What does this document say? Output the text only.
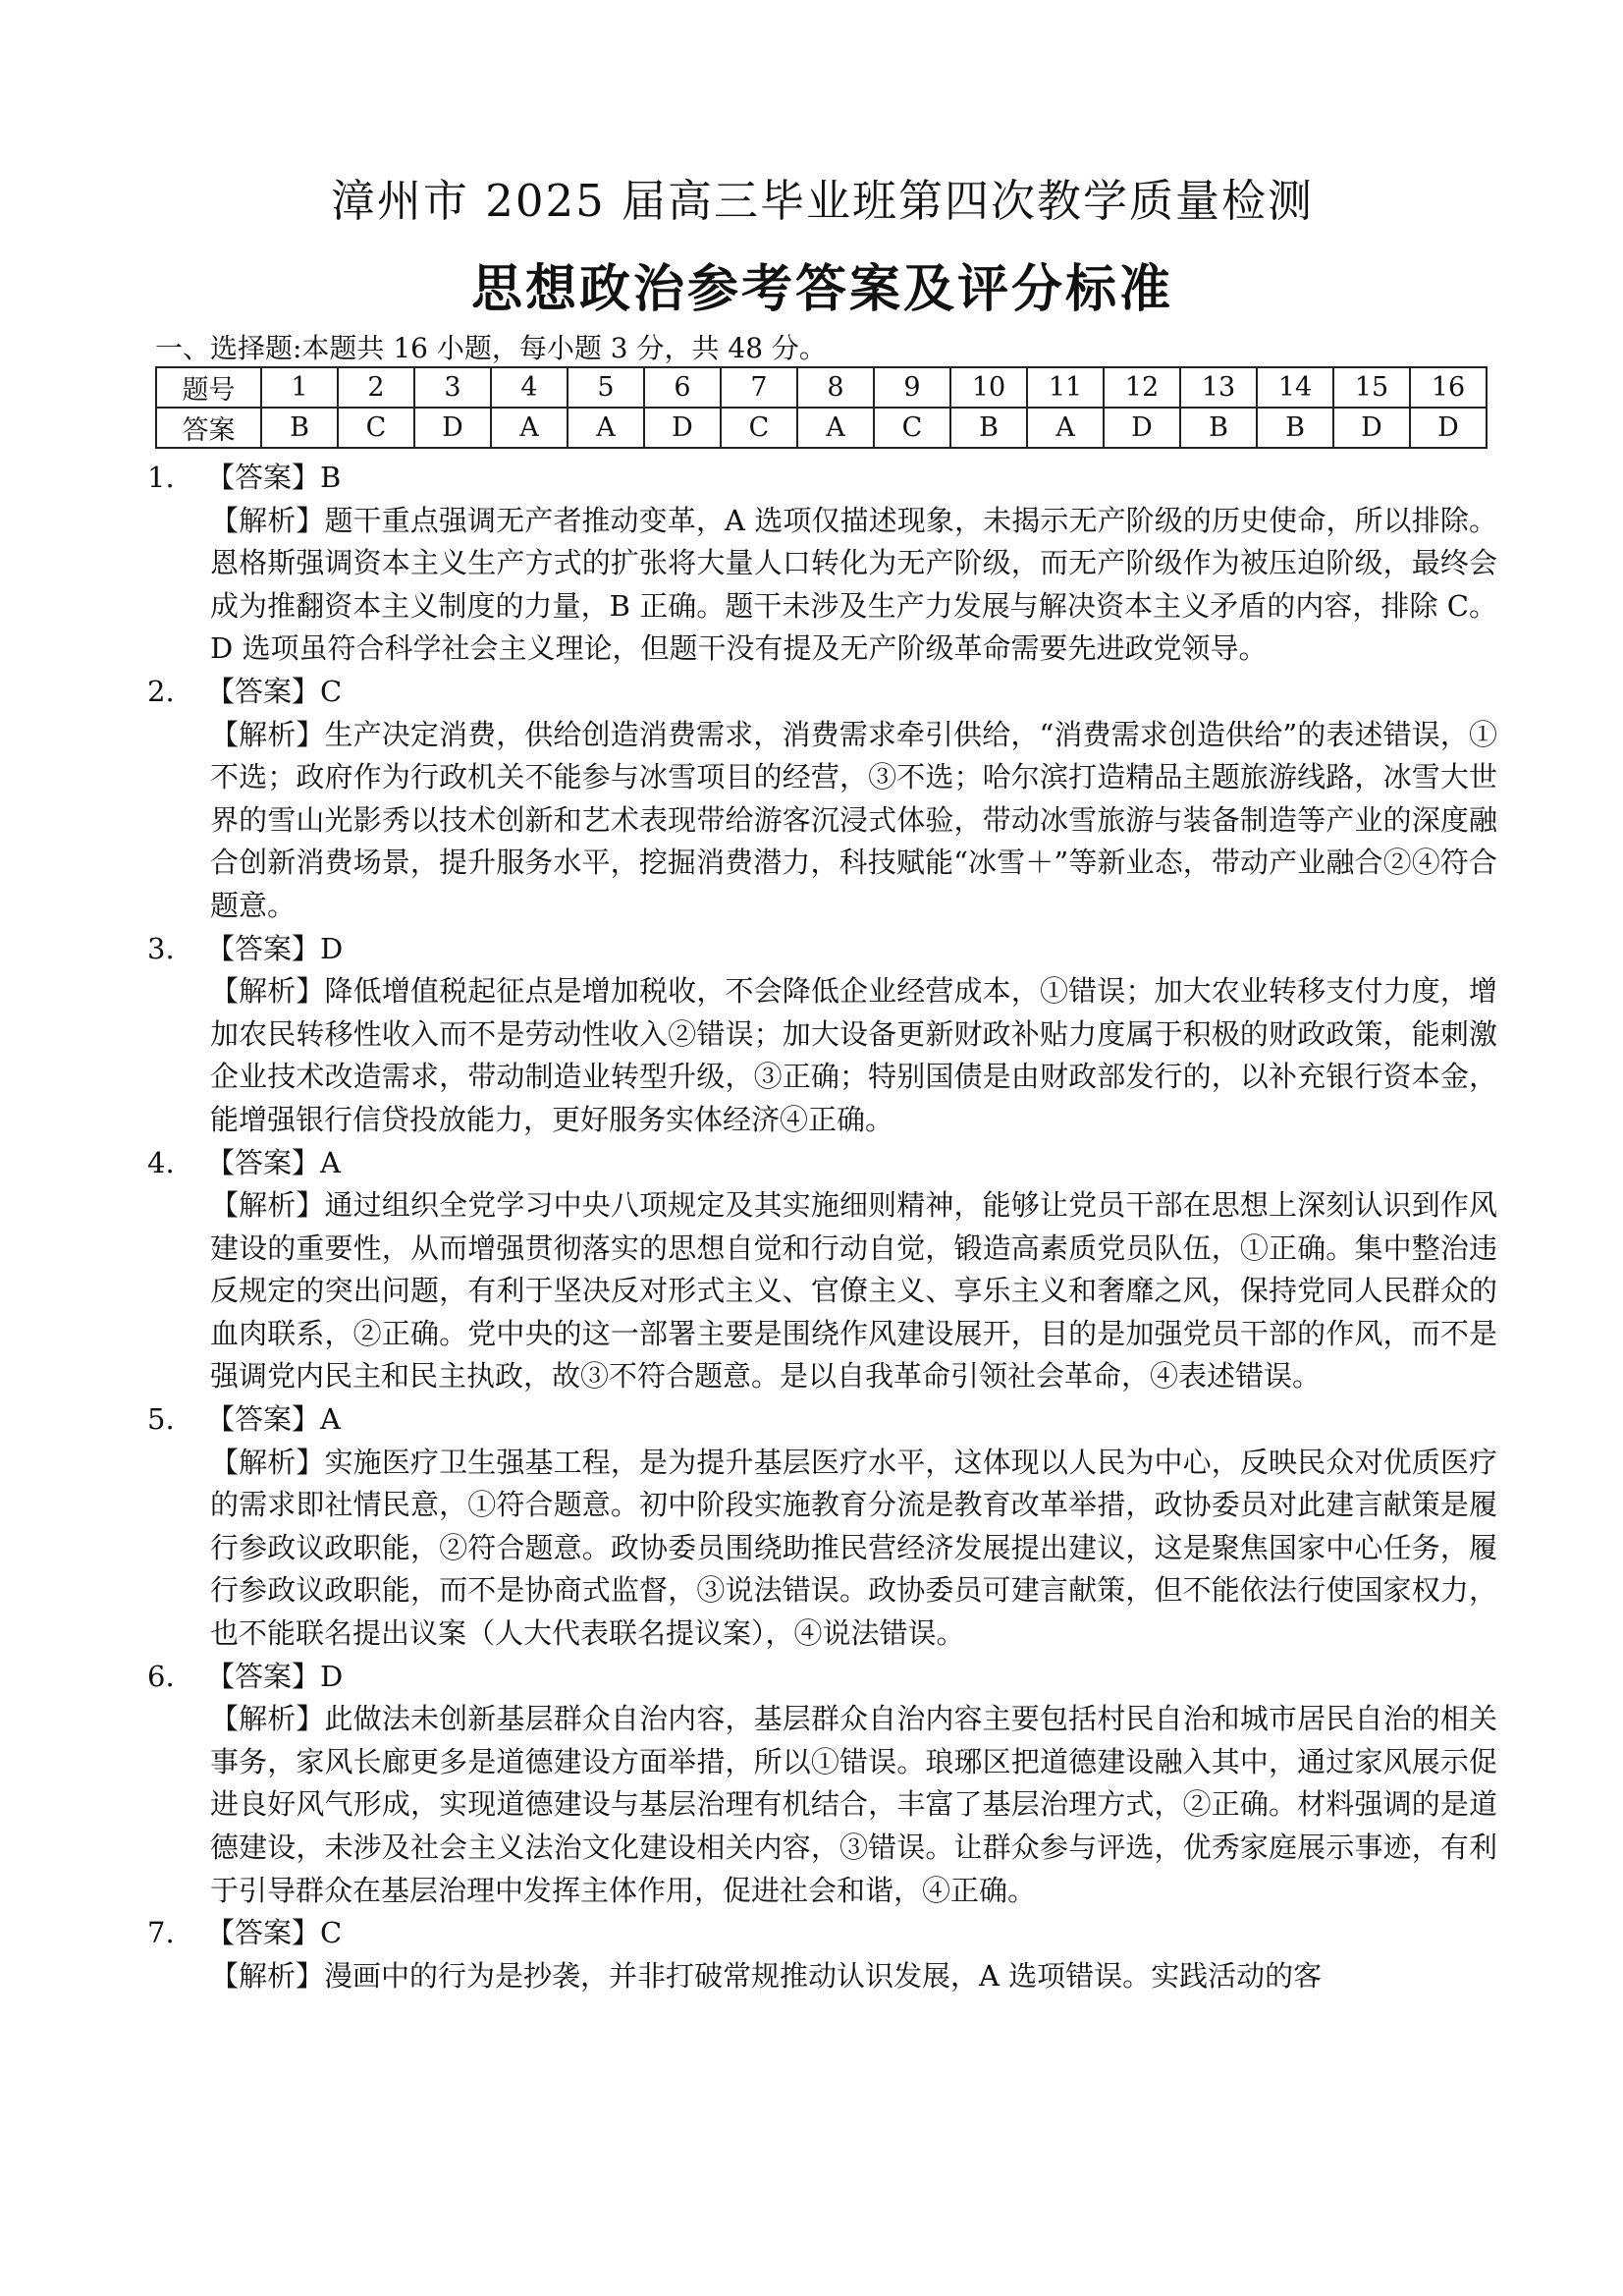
漳州市 2025 届高三毕业班第四次教学质量检测
思想政治参考答案及评分标准
一、选择题:本题共 16 小题，每小题 3 分，共 48 分。
题号	1	2	3	4	5	6	7	8	9	10	11	12	13	14	15	16
答案	B	C	D	A	A	D	C	A	C	B	A	D	B	B	D	D
1. 【答案】B

【解析】题干重点强调无产者推动变革，A 选项仅描述现象，未揭示无产阶级的历史使命，所以排除。恩格斯强调资本主义生产方式的扩张将大量人口转化为无产阶级，而无产阶级作为被压迫阶级，最终会成为推翻资本主义制度的力量，B 正确。题干未涉及生产力发展与解决资本主义矛盾的内容，排除 C。D 选项虽符合科学社会主义理论，但题干没有提及无产阶级革命需要先进政党领导。

2. 【答案】C

【解析】生产决定消费，供给创造消费需求，消费需求牵引供给，“消费需求创造供给”的表述错误，①不选；政府作为行政机关不能参与冰雪项目的经营，③不选；哈尔滨打造精品主题旅游线路，冰雪大世界的雪山光影秀以技术创新和艺术表现带给游客沉浸式体验，带动冰雪旅游与装备制造等产业的深度融合创新消费场景，提升服务水平，挖掘消费潜力，科技赋能“冰雪＋”等新业态，带动产业融合②④符合题意。

3. 【答案】D

【解析】降低增值税起征点是增加税收，不会降低企业经营成本，①错误；加大农业转移支付力度，增加农民转移性收入而不是劳动性收入②错误；加大设备更新财政补贴力度属于积极的财政政策，能刺激企业技术改造需求，带动制造业转型升级，③正确；特别国债是由财政部发行的，以补充银行资本金，能增强银行信贷投放能力，更好服务实体经济④正确。

4. 【答案】A

【解析】通过组织全党学习中央八项规定及其实施细则精神，能够让党员干部在思想上深刻认识到作风建设的重要性，从而增强贯彻落实的思想自觉和行动自觉，锻造高素质党员队伍，①正确。集中整治违反规定的突出问题，有利于坚决反对形式主义、官僚主义、享乐主义和奢靡之风，保持党同人民群众的血肉联系，②正确。党中央的这一部署主要是围绕作风建设展开，目的是加强党员干部的作风，而不是强调党内民主和民主执政，故③不符合题意。是以自我革命引领社会革命，④表述错误。

5. 【答案】A

【解析】实施医疗卫生强基工程，是为提升基层医疗水平，这体现以人民为中心，反映民众对优质医疗的需求即社情民意，①符合题意。初中阶段实施教育分流是教育改革举措，政协委员对此建言献策是履行参政议政职能，②符合题意。政协委员围绕助推民营经济发展提出建议，这是聚焦国家中心任务，履行参政议政职能，而不是协商式监督，③说法错误。政协委员可建言献策，但不能依法行使国家权力，也不能联名提出议案（人大代表联名提议案），④说法错误。

6. 【答案】D

【解析】此做法未创新基层群众自治内容，基层群众自治内容主要包括村民自治和城市居民自治的相关事务，家风长廊更多是道德建设方面举措，所以①错误。琅琊区把道德建设融入其中，通过家风展示促进良好风气形成，实现道德建设与基层治理有机结合，丰富了基层治理方式，②正确。材料强调的是道德建设，未涉及社会主义法治文化建设相关内容，③错误。让群众参与评选，优秀家庭展示事迹，有利于引导群众在基层治理中发挥主体作用，促进社会和谐，④正确。

7. 【答案】C

【解析】漫画中的行为是抄袭，并非打破常规推动认识发展，A 选项错误。实践活动的客
